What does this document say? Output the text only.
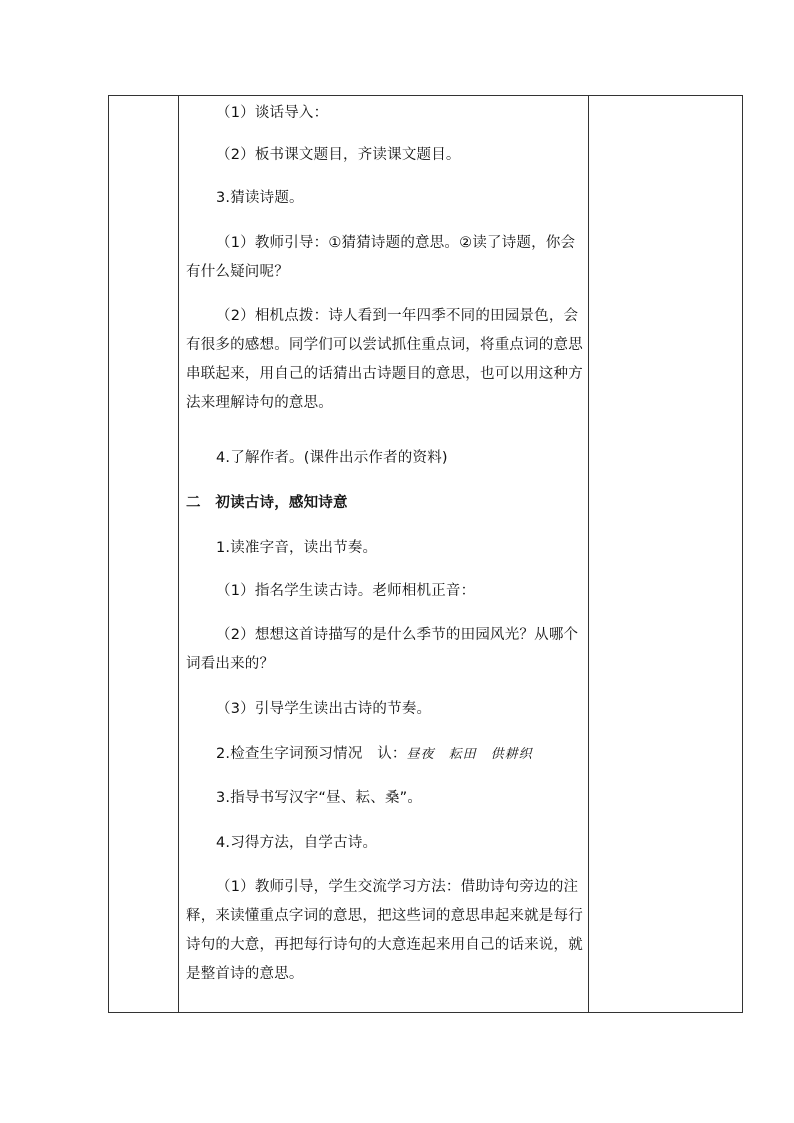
（1）谈话导入：
（2）板书课文题目，齐读课文题目。
3.猜读诗题。
（1）教师引导：①猜猜诗题的意思。②读了诗题，你会有什么疑问呢？
（2）相机点拨：诗人看到一年四季不同的田园景色，会有很多的感想。同学们可以尝试抓住重点词，将重点词的意思串联起来，用自己的话猜出古诗题目的意思，也可以用这种方法来理解诗句的意思。
4.了解作者。(课件出示作者的资料)
二　初读古诗，感知诗意
1.读准字音，读出节奏。
（1）指名学生读古诗。老师相机正音：
（2）想想这首诗描写的是什么季节的田园风光？从哪个词看出来的？
（3）引导学生读出古诗的节奏。
2.检查生字词预习情况　认：昼夜　耘田　供耕织
3.指导书写汉字“昼、耘、桑”。
4.习得方法，自学古诗。
（1）教师引导，学生交流学习方法：借助诗句旁边的注释，来读懂重点字词的意思，把这些词的意思串起来就是每行诗句的大意，再把每行诗句的大意连起来用自己的话来说，就是整首诗的意思。
